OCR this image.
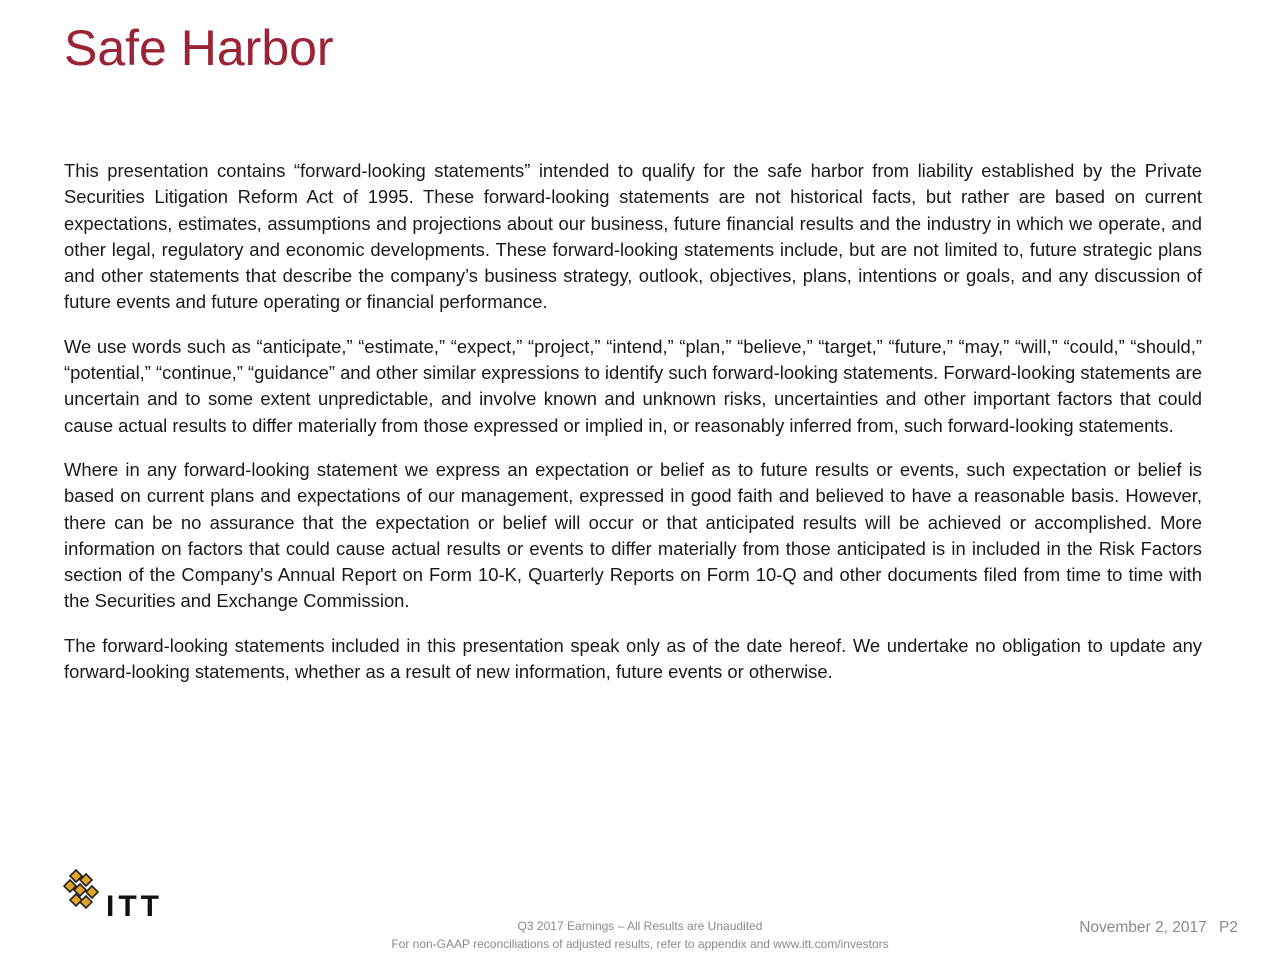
Safe Harbor

This presentation contains “forward-looking statements” intended to qualify for the safe harbor from liability established by the Private Securities Litigation Reform Act of 1995. These forward-looking statements are not historical facts, but rather are based on current expectations, estimates, assumptions and projections about our business, future financial results and the industry in which we operate, and other legal, regulatory and economic developments. These forward-looking statements include, but are not limited to, future strategic plans and other statements that describe the company’s business strategy, outlook, objectives, plans, intentions or goals, and any discussion of future events and future operating or financial performance.

We use words such as “anticipate,” “estimate,” “expect,” “project,” “intend,” “plan,” “believe,” “target,” “future,” “may,” “will,” “could,” “should,” “potential,” “continue,” “guidance” and other similar expressions to identify such forward-looking statements. Forward-looking statements are uncertain and to some extent unpredictable, and involve known and unknown risks, uncertainties and other important factors that could cause actual results to differ materially from those expressed or implied in, or reasonably inferred from, such forward-looking statements.

Where in any forward-looking statement we express an expectation or belief as to future results or events, such expectation or belief is based on current plans and expectations of our management, expressed in good faith and believed to have a reasonable basis. However, there can be no assurance that the expectation or belief will occur or that anticipated results will be achieved or accomplished. More information on factors that could cause actual results or events to differ materially from those anticipated is in included in the Risk Factors section of the Company's Annual Report on Form 10-K, Quarterly Reports on Form 10-Q and other documents filed from time to time with the Securities and Exchange Commission.

The forward-looking statements included in this presentation speak only as of the date hereof. We undertake no obligation to update any forward-looking statements, whether as a result of new information, future events or otherwise.

ITT
Q3 2017 Earnings – All Results are Unaudited
For non-GAAP reconciliations of adjusted results, refer to appendix and www.itt.com/investors
November 2, 2017 P2
